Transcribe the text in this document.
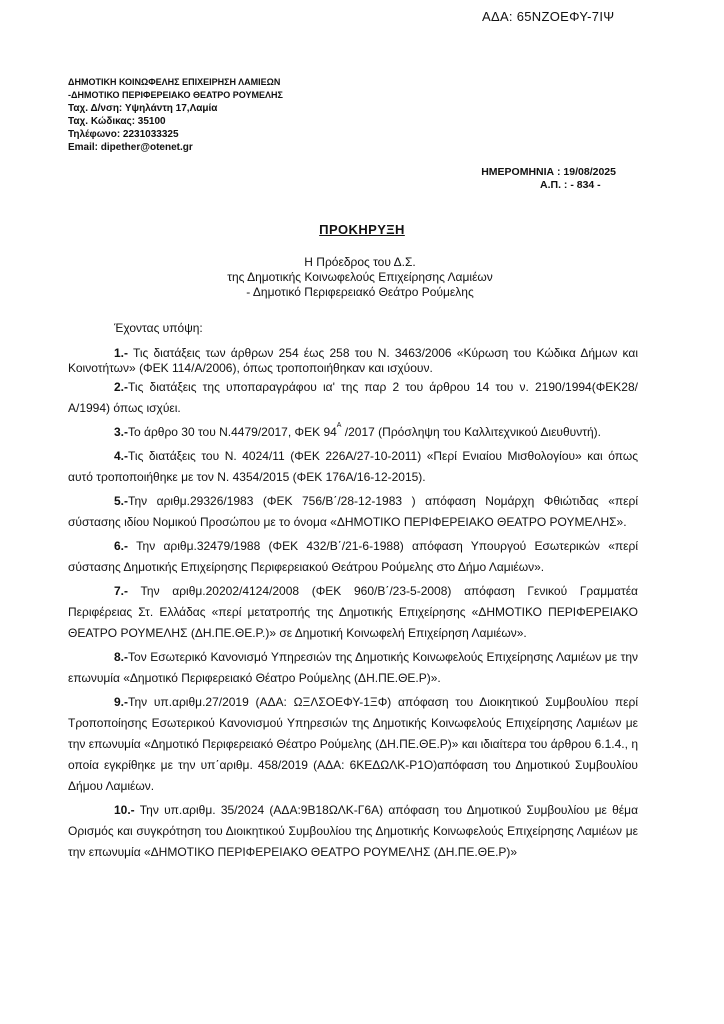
ΑΔΑ: 65ΝΖΟΕΦΥ-7ΙΨ
ΔΗΜΟΤΙΚΗ ΚΟΙΝΩΦΕΛΗΣ ΕΠΙΧΕΙΡΗΣΗ ΛΑΜΙΕΩΝ
-ΔΗΜΟΤΙΚΟ ΠΕΡΙΦΕΡΕΙΑΚΟ ΘΕΑΤΡΟ ΡΟΥΜΕΛΗΣ
Ταχ. Δ/νση: Υψηλάντη 17,Λαμία
Ταχ. Κώδικας: 35100
Τηλέφωνο: 2231033325
Email: dipether@otenet.gr
ΗΜΕΡΟΜΗΝΙΑ : 19/08/2025
Α.Π. : - 834 -
ΠΡΟΚΗΡΥΞΗ
Η Πρόεδρος του Δ.Σ.
της Δημοτικής Κοινωφελούς Επιχείρησης Λαμιέων
- Δημοτικό Περιφερειακό Θεάτρο Ρούμελης
Έχοντας υπόψη:

1.- Τις διατάξεις των άρθρων 254 έως 258 του Ν. 3463/2006 «Κύρωση του Κώδικα Δήμων και Κοινοτήτων» (ΦΕΚ 114/Α/2006), όπως τροποποιήθηκαν και ισχύουν.

2.-Τις διατάξεις της υποπαραγράφου ια' της παρ 2 του άρθρου 14 του ν. 2190/1994(ΦΕΚ28/Α/1994) όπως ισχύει.

3.-Το άρθρο 30 του Ν.4479/2017, ΦΕΚ $94^A$ /2017 (Πρόσληψη του Καλλιτεχνικού Διευθυντή).

4.-Τις διατάξεις του Ν. 4024/11 (ΦΕΚ 226Α/27-10-2011) «Περί Ενιαίου Μισθολογίου» και όπως αυτό τροποποιήθηκε με τον Ν. 4354/2015 (ΦΕΚ 176Α/16-12-2015).

5.-Την αριθμ.29326/1983 (ΦΕΚ 756/Β΄/28-12-1983 ) απόφαση Νομάρχη Φθιώτιδας «περί σύστασης ιδίου Νομικού Προσώπου με το όνομα «ΔΗΜΟΤΙΚΟ ΠΕΡΙΦΕΡΕΙΑΚΟ ΘΕΑΤΡΟ ΡΟΥΜΕΛΗΣ».

6.- Την αριθμ.32479/1988 (ΦΕΚ 432/Β΄/21-6-1988) απόφαση Υπουργού Εσωτερικών «περί σύστασης Δημοτικής Επιχείρησης Περιφερειακού Θεάτρου Ρούμελης στο Δήμο Λαμιέων».

7.- Την αριθμ.20202/4124/2008 (ΦΕΚ 960/Β΄/23-5-2008) απόφαση Γενικού Γραμματέα Περιφέρειας Στ. Ελλάδας «περί μετατροπής της Δημοτικής Επιχείρησης «ΔΗΜΟΤΙΚΟ ΠΕΡΙΦΕΡΕΙΑΚΟ ΘΕΑΤΡΟ ΡΟΥΜΕΛΗΣ (ΔΗ.ΠΕ.ΘΕ.Ρ.)» σε Δημοτική Κοινωφελή Επιχείρηση Λαμιέων».

8.-Τον Εσωτερικό Κανονισμό Υπηρεσιών της Δημοτικής Κοινωφελούς Επιχείρησης Λαμιέων με την επωνυμία «Δημοτικό Περιφερειακό Θέατρο Ρούμελης (ΔΗ.ΠΕ.ΘΕ.Ρ)».

9.-Την υπ.αριθμ.27/2019 (ΑΔΑ: ΩΞΛΣΟΕΦΥ-1ΞΦ) απόφαση του Διοικητικού Συμβουλίου περί Τροποποίησης Εσωτερικού Κανονισμού Υπηρεσιών της Δημοτικής Κοινωφελούς Επιχείρησης Λαμιέων με την επωνυμία «Δημοτικό Περιφερειακό Θέατρο Ρούμελης (ΔΗ.ΠΕ.ΘΕ.Ρ)» και ιδιαίτερα του άρθρου 6.1.4., η οποία εγκρίθηκε με την υπ΄αριθμ. 458/2019 (ΑΔΑ: 6ΚΕΔΩΛΚ-Ρ1Ο)απόφαση του Δημοτικού Συμβουλίου Δήμου Λαμιέων.

10.- Την υπ.αριθμ. 35/2024 (ΑΔΑ:9Β18ΩΛΚ-Γ6Α) απόφαση του Δημοτικού Συμβουλίου με θέμα Ορισμός και συγκρότηση του Διοικητικού Συμβουλίου της Δημοτικής Κοινωφελούς Επιχείρησης Λαμιέων με την επωνυμία «ΔΗΜΟΤΙΚΟ ΠΕΡΙΦΕΡΕΙΑΚΟ ΘΕΑΤΡΟ ΡΟΥΜΕΛΗΣ (ΔΗ.ΠΕ.ΘΕ.Ρ)»
